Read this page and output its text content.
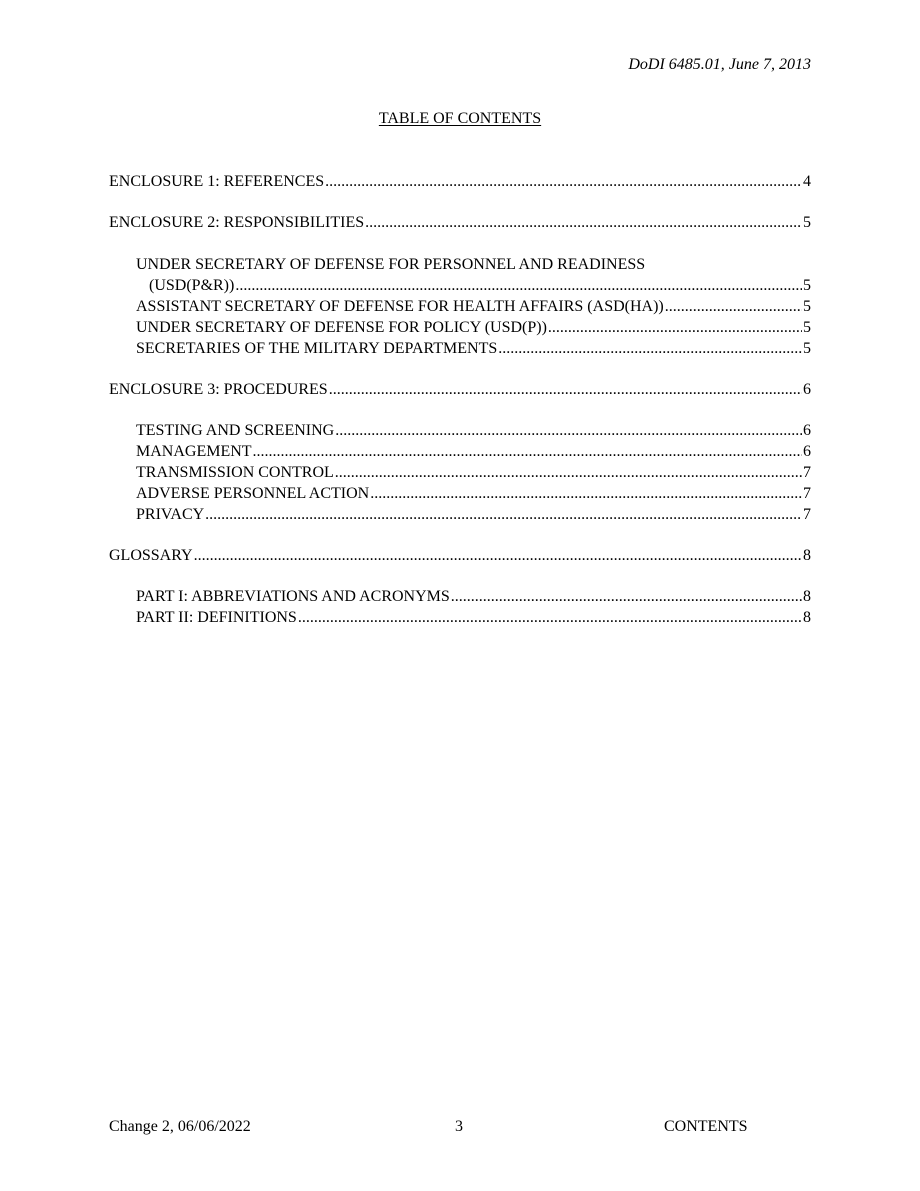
DoDI 6485.01, June 7, 2013
TABLE OF CONTENTS
ENCLOSURE 1: REFERENCES .....	4
ENCLOSURE 2: RESPONSIBILITIES .....	5
UNDER SECRETARY OF DEFENSE FOR PERSONNEL AND READINESS
(USD(P&R)) .....	5
ASSISTANT SECRETARY OF DEFENSE FOR HEALTH AFFAIRS (ASD(HA)) .....	5
UNDER SECRETARY OF DEFENSE FOR POLICY (USD(P)) .....	5
SECRETARIES OF THE MILITARY DEPARTMENTS .....	5
ENCLOSURE 3: PROCEDURES .....	6
TESTING AND SCREENING .....	6
MANAGEMENT .....	6
TRANSMISSION CONTROL .....	7
ADVERSE PERSONNEL ACTION .....	7
PRIVACY .....	7
GLOSSARY .....	8
PART I: ABBREVIATIONS AND ACRONYMS .....	8
PART II: DEFINITIONS .....	8
Change 2, 06/06/2022	3	CONTENTS
